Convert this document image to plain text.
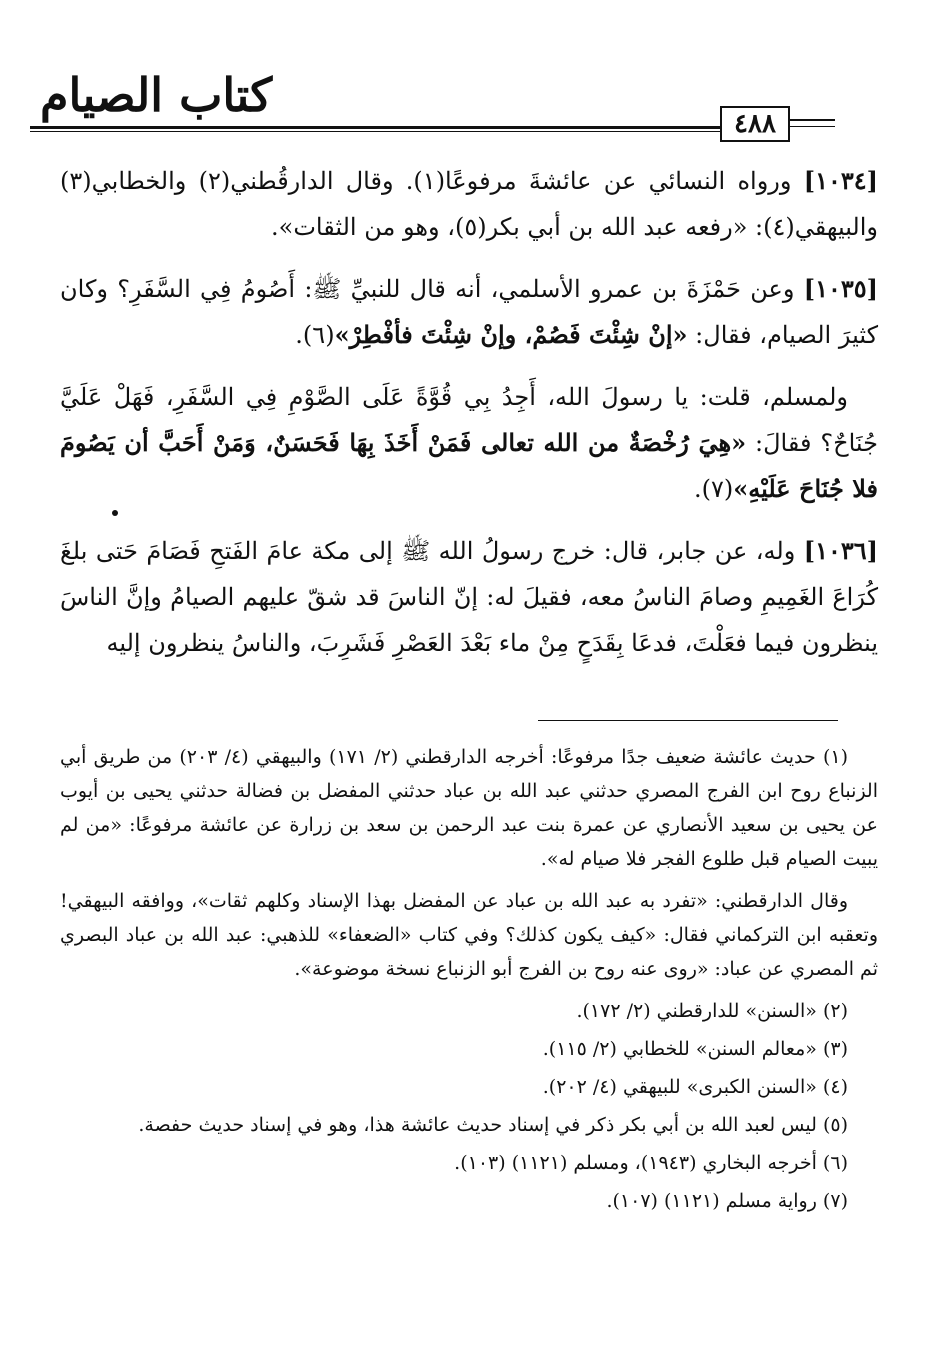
كتاب الصيام
٤٨٨

[١٠٣٤] ورواه النسائي عن عائشةَ مرفوعًا(١). وقال الدارقُطني(٢) والخطابي(٣) والبيهقي(٤): «رفعه عبد الله بن أبي بكر(٥)، وهو من الثقات».

[١٠٣٥] وعن حَمْزَةَ بن عمرو الأسلمي، أنه قال للنبيِّ ﷺ: أَصُومُ فِي السَّفَرِ؟ وكان كثيرَ الصيام، فقال: «إنْ شِئْتَ فَصُمْ، وإنْ شِئْتَ فأفْطِرْ»(٦).

ولمسلم، قلت: يا رسولَ الله، أَجِدُ بِي قُوَّةً عَلَى الصَّوْمِ فِي السَّفَرِ، فَهَلْ عَلَيَّ جُنَاحٌ؟ فقالَ: «هِيَ رُخْصَةٌ من الله تعالى فَمَنْ أَخَذَ بِهَا فَحَسَنٌ، وَمَنْ أَحَبَّ أن يَصُومَ فلا جُنَاحَ عَلَيْهِ»(٧).

[١٠٣٦] وله، عن جابر، قال: خرج رسولُ الله ﷺ إلى مكة عامَ الفَتحِ فَصَامَ حَتى بلغَ كُرَاعَ الغَمِيمِ وصامَ الناسُ معه، فقيلَ له: إنّ الناسَ قد شقّ عليهم الصيامُ وإنَّ الناسَ ينظرون فيما فعَلْتَ، فدعَا بِقَدَحٍ مِنْ ماء بَعْدَ العَصْرِ فَشَرِبَ، والناسُ ينظرون إليه

(١) حديث عائشة ضعيف جدًا مرفوعًا: أخرجه الدارقطني (٢/ ١٧١) والبيهقي (٤/ ٢٠٣) من طريق أبي الزنباع روح ابن الفرج المصري حدثني عبد الله بن عباد حدثني المفضل بن فضالة حدثني يحيى بن أيوب عن يحيى بن سعيد الأنصاري عن عمرة بنت عبد الرحمن بن سعد بن زرارة عن عائشة مرفوعًا: «من لم يبيت الصيام قبل طلوع الفجر فلا صيام له».

وقال الدارقطني: «تفرد به عبد الله بن عباد عن المفضل بهذا الإسناد وكلهم ثقات»، ووافقه البيهقي! وتعقبه ابن التركماني فقال: «كيف يكون كذلك؟ وفي كتاب «الضعفاء» للذهبي: عبد الله بن عباد البصري ثم المصري عن عباد: «روى عنه روح بن الفرج أبو الزنباع نسخة موضوعة».

(٢) «السنن» للدارقطني (٢/ ١٧٢).

(٣) «معالم السنن» للخطابي (٢/ ١١٥).

(٤) «السنن الكبرى» للبيهقي (٤/ ٢٠٢).

(٥) ليس لعبد الله بن أبي بكر ذكر في إسناد حديث عائشة هذا، وهو في إسناد حديث حفصة.

(٦) أخرجه البخاري (١٩٤٣)، ومسلم (١١٢١) (١٠٣).

(٧) رواية مسلم (١١٢١) (١٠٧).
